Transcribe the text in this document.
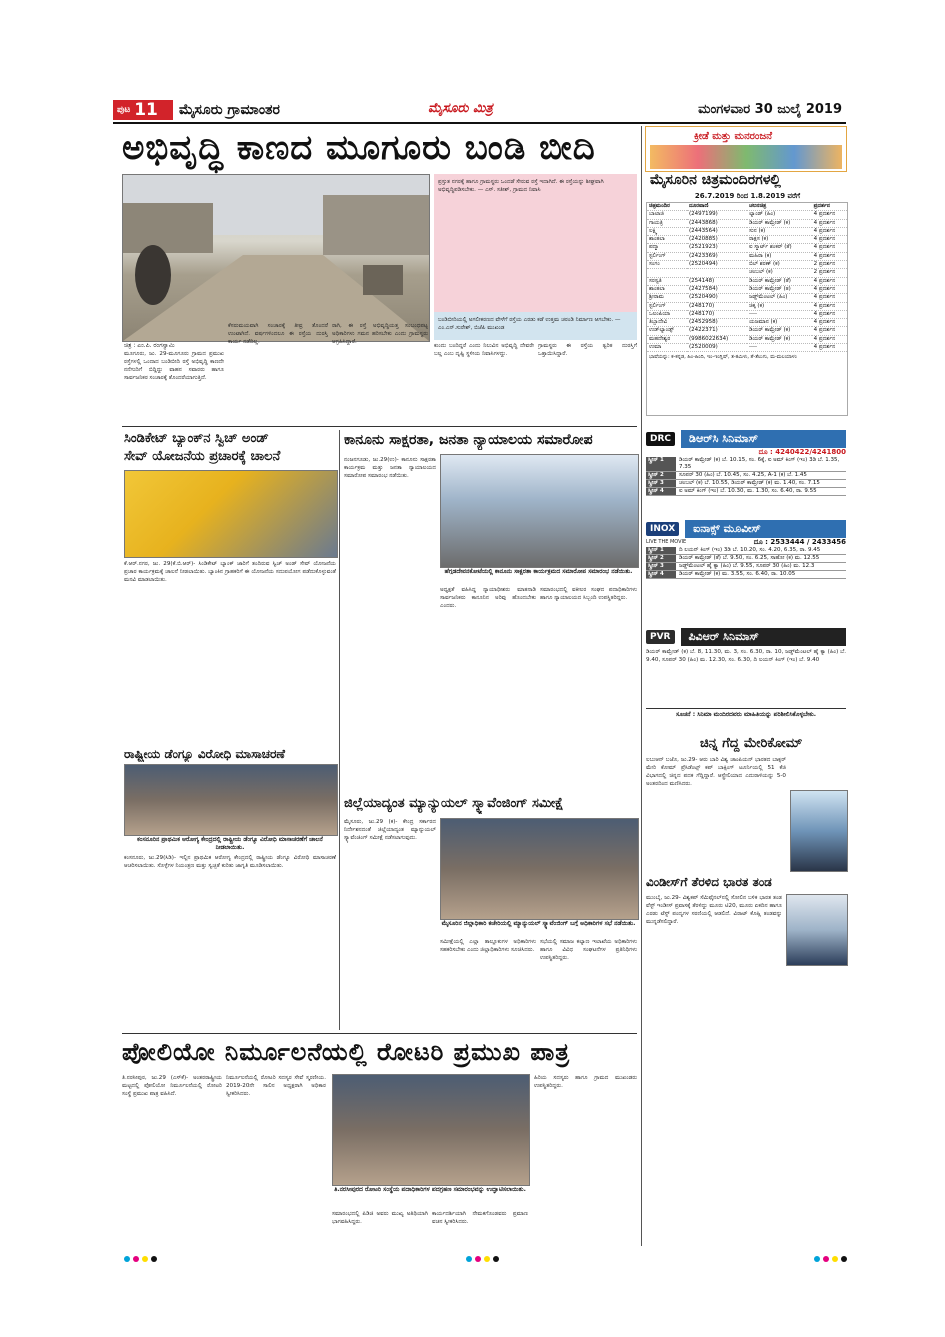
ಪುಟ 11 ಮೈಸೂರು ಗ್ರಾಮಾಂತರ	ಮೈಸೂರು ಮಿತ್ರ	ಮಂಗಳವಾರ 30 ಜುಲೈ 2019
ಅಭಿವೃದ್ಧಿ ಕಾಣದ ಮೂಗೂರು ಬಂಡಿ ಬೀದಿ
ಚಿತ್ರ : ಎಂ.ಪಿ. ರಂಗಸ್ವಾಮಿ
ಮೂಗೂರು, ಜು. 29-ಮೂಗೂರು ಗ್ರಾಮದ ಪ್ರಮುಖ ರಸ್ತೆಗಳಲ್ಲಿ ಒಂದಾದ ಬಂಡಿಬೀದಿ ರಸ್ತೆ ಅಭಿವೃದ್ಧಿ ಕಾಣದೇ ನನೆಗುದಿಗೆ ಬಿದ್ದಿದ್ದು ವಾಹನ ಸವಾರರು ಹಾಗೂ ಸಾರ್ವಜನಿಕರ ಸಂಚಾರಕ್ಕೆ ತೊಂದರೆಯಾಗುತ್ತಿದೆ.
ಕೆಸರುಮಯವಾಗಿ ಸಂಚಾರಕ್ಕೆ ತೀವ್ರ ತೊಂದರೆ ಉಂಟಾಗಿದೆ. ವರ್ಷಗಳಿಂದಲೂ ಈ ರಸ್ತೆಯ ದುರಸ್ತಿ ಕಾರ್ಯ ನಡೆದಿಲ್ಲ.
ರಾಗಿ, ಈ ರಸ್ತೆ ಅಭಿವೃದ್ಧಿಯತ್ತ ಸಂಬಂಧಪಟ್ಟ ಅಧಿಕಾರಿಗಳು ಗಮನ ಹರಿಸಬೇಕು ಎಂದು ಗ್ರಾಮಸ್ಥರು ಆಗ್ರಹಿಸಿದ್ದಾರೆ.
ಪ್ರಸ್ತುತ ನಗರಕ್ಕೆ ಹಾಗೂ ಗ್ರಾಮಸ್ಥರು ಒಂದಡೆ ಸೇರುವ ರಸ್ತೆ ಇದಾಗಿದೆ. ಈ ರಸ್ತೆಯನ್ನು ಶೀಘ್ರವಾಗಿ ಅಭಿವೃದ್ಧಿಪಡಿಸಬೇಕು. — ಎಸ್. ಸತೀಶ್, ಗ್ರಾಮದ ನಿವಾಸಿ
ಬಂಡಿಬೀದಿಯಲ್ಲಿ ಅಗಲೀಕರಣದ ವೇಳೆಗೆ ರಸ್ತೆಯ ಎರಡು ಕಡೆ ಉತ್ತಮ ಚರಂಡಿ ನಿರ್ಮಾಣ ಆಗಬೇಕು. — ಎಂ.ಎನ್.ಸುರೇಶ್, ಬಿಜೆಪಿ ಮುಖಂಡ
ಕುಂದು ಬಂದಿದ್ದರೆ ಎಂದು ನಿಲುವಿನ ಅಭಿವೃದ್ಧಿ ದೇವರೇ ಬಲ್ಲ ಎಂಬ ದೃಷ್ಟಿ ಸ್ಥಳೀಯ ನಿವಾಸಿಗಳದ್ದು.
ಗ್ರಾಮಸ್ಥರು ಈ ರಸ್ತೆಯ ತ್ವರಿತ ದುರಸ್ತಿಗೆ ಒತ್ತಾಯಿಸಿದ್ದಾರೆ.
ಸಿಂಡಿಕೇಟ್ ಬ್ಯಾಂಕ್‌ನ ಸ್ವಿಚ್ ಅಂಡ್
ಸೇವ್ ಯೋಜನೆಯ ಪ್ರಚಾರಕ್ಕೆ ಚಾಲನೆ
ಕೆ.ಆರ್.ನಗರ, ಜು. 29(ಕೆ.ಬಿ.ಆರ್)- ಸಿಂಡಿಕೇಟ್ ಬ್ಯಾಂಕ್ ಜಾರಿಗೆ ತಂದಿರುವ ಸ್ವಿಚ್ ಅಂಡ್ ಸೇವ್ ಯೋಜನೆಯ ಪ್ರಚಾರ ಕಾರ್ಯಕ್ರಮಕ್ಕೆ ಚಾಲನೆ ನೀಡಲಾಯಿತು. ಬ್ಯಾಂಕಿನ ಗ್ರಾಹಕರಿಗೆ ಈ ಯೋಜನೆಯ ಸದುಪಯೋಗ ಪಡೆದುಕೊಳ್ಳುವಂತೆ ಮನವಿ ಮಾಡಲಾಯಿತು.
ರಾಷ್ಟ್ರೀಯ ಡೆಂಗ್ಯೂ ವಿರೋಧಿ ಮಾಸಾಚರಣೆ
ಕಂಸನೂರಿನ ಪ್ರಾಥಮಿಕ ಆರೋಗ್ಯ ಕೇಂದ್ರದಲ್ಲಿ ರಾಷ್ಟ್ರೀಯ ಡೆಂಗ್ಯೂ ವಿರೋಧಿ ಮಾಸಾಚರಣೆಗೆ ಚಾಲನೆ ನೀಡಲಾಯಿತು.
ಕಂಸನೂರು, ಜು.29(ಸಿಡಿ)- ಇಲ್ಲಿನ ಪ್ರಾಥಮಿಕ ಆರೋಗ್ಯ ಕೇಂದ್ರದಲ್ಲಿ ರಾಷ್ಟ್ರೀಯ ಡೆಂಗ್ಯೂ ವಿರೋಧಿ ಮಾಸಾಚರಣೆ ಆಚರಿಸಲಾಯಿತು. ಸೊಳ್ಳೆಗಳ ನಿಯಂತ್ರಣ ಮತ್ತು ಸ್ವಚ್ಛತೆ ಕುರಿತು ಜಾಗೃತಿ ಮೂಡಿಸಲಾಯಿತು.
ಕಾನೂನು ಸಾಕ್ಷರತಾ, ಜನತಾ ನ್ಯಾಯಾಲಯ ಸಮಾರೋಪ
ನಂಜನಗೂಡು, ಜು.29(ಉ)- ಕಾನೂನು ಸಾಕ್ಷರತಾ ಕಾರ್ಯಕ್ರಮ ಮತ್ತು ಜನತಾ ನ್ಯಾಯಾಲಯದ ಸಮಾರೋಪ ಸಮಾರಂಭ ನಡೆಯಿತು.
ಹೆಗ್ಗಡದೇವನಕೋಟೆಯಲ್ಲಿ ಕಾನೂನು ಸಾಕ್ಷರತಾ ಕಾರ್ಯಕ್ರಮದ ಸಮಾರೋಪ ಸಮಾರಂಭ ನಡೆಯಿತು.
ಅಧ್ಯಕ್ಷತೆ ವಹಿಸಿದ್ದ ನ್ಯಾಯಾಧೀಶರು ಮಾತನಾಡಿ ಸಾರ್ವಜನಿಕರು ಕಾನೂನಿನ ಅರಿವು ಹೊಂದಬೇಕು ಎಂದರು.
ಸಮಾರಂಭದಲ್ಲಿ ವಕೀಲರ ಸಂಘದ ಪದಾಧಿಕಾರಿಗಳು ಹಾಗೂ ನ್ಯಾಯಾಲಯದ ಸಿಬ್ಬಂದಿ ಉಪಸ್ಥಿತರಿದ್ದರು.
ಜಿಲ್ಲೆಯಾದ್ಯಂತ ಮ್ಯಾನ್ಯುಯಲ್ ಸ್ಕ್ಯಾವೆಂಜಿಂಗ್ ಸಮೀಕ್ಷೆ
ಮೈಸೂರು, ಜು.29 (ಕ)- ಕೇಂದ್ರ ಸರ್ಕಾರದ ನಿರ್ದೇಶನದಂತೆ ಜಿಲ್ಲೆಯಾದ್ಯಂತ ಮ್ಯಾನ್ಯುಯಲ್ ಸ್ಕ್ಯಾವೆಂಜಿಂಗ್ ಸಮೀಕ್ಷೆ ನಡೆಸಲಾಗುವುದು.
ಮೈಸೂರಿನ ಜಿಲ್ಲಾಧಿಕಾರಿ ಕಚೇರಿಯಲ್ಲಿ ಮ್ಯಾನ್ಯುಯಲ್ ಸ್ಕ್ಯಾವೆಂಜಿಂಗ್ ಬಗ್ಗೆ ಅಧಿಕಾರಿಗಳ ಸಭೆ ನಡೆಯಿತು.
ಸಮೀಕ್ಷೆಯಲ್ಲಿ ಎಲ್ಲಾ ತಾಲ್ಲೂಕುಗಳ ಅಧಿಕಾರಿಗಳು ಸಹಕರಿಸಬೇಕು ಎಂದು ಜಿಲ್ಲಾಧಿಕಾರಿಗಳು ಸೂಚಿಸಿದರು.
ಸಭೆಯಲ್ಲಿ ಸಮಾಜ ಕಲ್ಯಾಣ ಇಲಾಖೆಯ ಅಧಿಕಾರಿಗಳು ಹಾಗೂ ವಿವಿಧ ಸಂಘಟನೆಗಳ ಪ್ರತಿನಿಧಿಗಳು ಉಪಸ್ಥಿತರಿದ್ದರು.
ಪೋಲಿಯೋ ನಿರ್ಮೂಲನೆಯಲ್ಲಿ ರೋಟರಿ ಪ್ರಮುಖ ಪಾತ್ರ
ತಿ.ನರಸೀಪುರ, ಜು.29 (ಎಸ್‌ಕೆ)- ಅಂತರರಾಷ್ಟ್ರೀಯ ಮಟ್ಟದಲ್ಲಿ ಪೋಲಿಯೋ ನಿರ್ಮೂಲನೆಯಲ್ಲಿ ರೋಟರಿ ಸಂಸ್ಥೆ ಪ್ರಮುಖ ಪಾತ್ರ ವಹಿಸಿದೆ.
ನಿರ್ಮೂಲನೆಯಲ್ಲಿ ರೋಟರಿ ಸದಸ್ಯರ ಸೇವೆ ಸ್ಮರಣೀಯ. 2019-20ನೇ ಸಾಲಿನ ಅಧ್ಯಕ್ಷರಾಗಿ ಅಧಿಕಾರ ಸ್ವೀಕರಿಸಿದರು.
ತಿ.ನರಸೀಪುರದ ರೋಟರಿ ಸಂಸ್ಥೆಯ ಪದಾಧಿಕಾರಿಗಳ ಪದಗ್ರಹಣ ಸಮಾರಂಭವನ್ನು ಉದ್ಘಾಟಿಸಲಾಯಿತು.
ಸಮಾರಂಭದಲ್ಲಿ ಪಿಡಿಜಿ ಅವರು ಮುಖ್ಯ ಅತಿಥಿಯಾಗಿ ಭಾಗವಹಿಸಿದ್ದರು.
ಕಾರ್ಯದರ್ಶಿಯಾಗಿ ನೇಮಕಗೊಂಡವರು ಪ್ರಮಾಣ ವಚನ ಸ್ವೀಕರಿಸಿದರು.
ಹಿರಿಯ ಸದಸ್ಯರು ಹಾಗೂ ಗ್ರಾಮದ ಮುಖಂಡರು ಉಪಸ್ಥಿತರಿದ್ದರು.
ಕ್ರೀಡೆ ಮತ್ತು ಮನರಂಜನೆ
ಮೈಸೂರಿನ ಚಿತ್ರಮಂದಿರಗಳಲ್ಲಿ
26.7.2019 ರಿಂದ 1.8.2019 ವರೆಗೆ
ಚಿತ್ರಮಂದಿರ	ದೂರವಾಣಿ	ಚಲನಚಿತ್ರ	ಪ್ರದರ್ಶನ
ಬಾಲಾಜಿ	(2497199)	ಲ್ಯಾಂಡ್ (ಹಿಂ)	4 ಪ್ರದರ್ಶನ
ಗಾಯತ್ರಿ	(2443868)	ಡಿಯರ್ ಕಾಮ್ರೇಡ್ (ಕ)	4 ಪ್ರದರ್ಶನ
ಲಕ್ಷ್ಮಿ	(2443564)	ಸುನ (ಕ)	4 ಪ್ರದರ್ಶನ
ಶಾಂತಲಾ	(2420885)	ರಾಕ್ಷಸ (ಕ)	4 ಪ್ರದರ್ಶನ
ಪದ್ಮಾ	(2521923)	ಐ ಸ್ಮಾರ್ಟ್ ಶಂಕರ್ (ತೆ)	4 ಪ್ರದರ್ಶನ
ಸ್ಟರ್ಲಿಂಗ್	(2423369)	ಮಹಿರಾ (ಕ)	4 ಪ್ರದರ್ಶನ
ಸಂಗಂ	(2520494)	ಬಿಲ್ ಶರಣ್ (ಕ)	2 ಪ್ರದರ್ಶನ
		ಚಂಬಲ್ (ಕ)	2 ಪ್ರದರ್ಶನ
ಸರಸ್ವತಿ	(254148)	ಡಿಯರ್ ಕಾಮ್ರೇಡ್ (ತೆ)	4 ಪ್ರದರ್ಶನ
ಶಾಂತಲಾ	(2427584)	ಡಿಯರ್ ಕಾಮ್ರೇಡ್ (ತ)	4 ಪ್ರದರ್ಶನ
ಶ್ರೀರಾಮ	(2520490)	ಜಡ್ಜ್‌ಮೆಂಟಲ್ (ಹಿಂ)	4 ಪ್ರದರ್ಶನ
ಸ್ಟರ್ಲಿಂಗ್	(248170)	ಚಿಕ್ಕ (ಕ)	4 ಪ್ರದರ್ಶನ
ಒಲಂಪಿಯಾ	(248170)	----	4 ಪ್ರದರ್ಶನ
ತಿಬ್ಬಾದೇವಿ	(2452958)	ಯಜಮಾನ (ಕ)	4 ಪ್ರದರ್ಶನ
ಉಡ್‌ಲ್ಯಾಂಡ್ಸ್	(2422371)	ಡಿಯರ್ ಕಾಮ್ರೇಡ್ (ಕ)	4 ಪ್ರದರ್ಶನ
ಮಹದೇಶ್ವರ	(9986022634)	ಡಿಯರ್ ಕಾಮ್ರೇಡ್ (ಕ)	4 ಪ್ರದರ್ಶನ
ಉಮಾ	(2520009)	----	4 ಪ್ರದರ್ಶನ
ಭಾಷೆಯನ್ನು: ಕ-ಕನ್ನಡ, ಹಿಂ-ಹಿಂದಿ, ಇಂ-ಇಂಗ್ಲಿಷ್, ತ-ತಮಿಳು, ತೆ-ತೆಲುಗು, ಮ-ಮಲಯಾಳಂ
DRC	ಡಿಆರ್‌ಸಿ ಸಿನಿಮಾಸ್
ದೂ : 4240422/4241800
ಸ್ಕ್ರೀನ್ 1	ಡಿಯರ್ ಕಾಮ್ರೇಡ್ (ಕ) ಬೆ. 10.15, ಸಂ. 6ಕ್ಕೆ, ಐ ಅಮ್ ಕಿಂಗ್ (ಇಂ) 3ಡಿ ಬೆ. 1.35, 7.35
ಸ್ಕ್ರೀನ್ 2	ಸೂಪರ್ 30 (ಹಿಂ) ಬೆ. 10.45, ಸಂ. 4.25, A-1 (ಕ) ಬೆ. 1.45
ಸ್ಕ್ರೀನ್ 3	ಚಂಬಲ್ (ಕ) ಬೆ. 10.55, ಡಿಯರ್ ಕಾಮ್ರೇಡ್ (ಕ) ಮ. 1.40, ಸಂ. 7.15
ಸ್ಕ್ರೀನ್ 4	ಐ ಅಮ್ ಕಿಂಗ್ (ಇಂ) ಬೆ. 10.30, ಮ. 1.30, ಸಂ. 6.40, ರಾ. 9.55
INOX	ಐನಾಕ್ಸ್ ಮೂವೀಸ್
LIVE THE MOVIE	ದೂ : 2533444 / 2433456
ಸ್ಕ್ರೀನ್ 1	ದಿ ಲಯನ್ ಕಿಂಗ್ (ಇಂ) 3ಡಿ ಬೆ. 10.20, ಸಂ. 4.20, 6.35, ರಾ. 9.45
ಸ್ಕ್ರೀನ್ 2	ಡಿಯರ್ ಕಾಮ್ರೇಡ್ (ತೆ) ಬೆ. 9.50, ಸಂ. 6.25, ಸಾಹೋ (ಕ) ಮ. 12.55
ಸ್ಕ್ರೀನ್ 3	ಜಡ್ಜ್‌ಮೆಂಟಲ್ ಹೈ ಕ್ಯಾ (ಹಿಂ) ಬೆ. 9.55, ಸೂಪರ್ 30 (ಹಿಂ) ಮ. 12.3
ಸ್ಕ್ರೀನ್ 4	ಡಿಯರ್ ಕಾಮ್ರೇಡ್ (ಕ) ಮ. 3.55, ಸಂ. 6.40, ರಾ. 10.05
PVR	ಪಿವಿಆರ್ ಸಿನಿಮಾಸ್
ಡಿಯರ್ ಕಾಮ್ರೇಡ್ (ಕ) ಬೆ. 8, 11.30, ಮ. 3, ಸಂ. 6.30, ರಾ. 10, ಜಡ್ಜ್‌ಮೆಂಟಲ್ ಹೈ ಕ್ಯಾ (ಹಿಂ) ಬೆ. 9.40, ಸೂಪರ್ 30 (ಹಿಂ) ಮ. 12.30, ಸಂ. 6.30, ದಿ ಲಯನ್ ಕಿಂಗ್ (ಇಂ) ಬೆ. 9.40
ಸೂಚನೆ : ಸಿನಿಮಾ ಮಂದಿರದವರು ಮಾಹಿತಿಯನ್ನು ಪರಿಶೀಲಿಸಿಕೊಳ್ಳಬೇಕು.
ಚಿನ್ನ ಗೆದ್ದ ಮೇರಿಕೋಮ್
ಲಬುಆನ್ ಬಜೊ, ಜು.29- ಆರು ಬಾರಿ ವಿಶ್ವ ಚಾಂಪಿಯನ್ ಭಾರತದ ಬಾಕ್ಸರ್ ಮೇರಿ ಕೋಮ್ ಪ್ರೆಸಿಡೆಂಟ್ಸ್ ಕಪ್ ಬಾಕ್ಸಿಂಗ್ ಟೂರ್ನಿಯಲ್ಲಿ 51 ಕೆಜಿ ವಿಭಾಗದಲ್ಲಿ ಚಿನ್ನದ ಪದಕ ಗೆದ್ದಿದ್ದಾರೆ. ಆಸ್ಟ್ರೇಲಿಯಾದ ಎದುರಾಳಿಯನ್ನು 5-0 ಅಂತರದಿಂದ ಮಣಿಸಿದರು.
ವಿಂಡೀಸ್‌ಗೆ ತೆರಳಿದ ಭಾರತ ತಂಡ
ಮುಂಬೈ, ಜು.29- ವಿಶ್ವಕಪ್ ಸೆಮಿಫೈನಲ್‌ನಲ್ಲಿ ಸೋಲಿನ ಬಳಿಕ ಭಾರತ ತಂಡ ವೆಸ್ಟ್ ಇಂಡೀಸ್ ಪ್ರವಾಸಕ್ಕೆ ತೆರಳಿದ್ದು ಮೂರು ಟಿ20, ಮೂರು ಏಕದಿನ ಹಾಗೂ ಎರಡು ಟೆಸ್ಟ್ ಪಂದ್ಯಗಳ ಸರಣಿಯಲ್ಲಿ ಆಡಲಿದೆ. ವಿರಾಟ್ ಕೊಹ್ಲಿ ತಂಡವನ್ನು ಮುನ್ನಡೆಸಲಿದ್ದಾರೆ.
